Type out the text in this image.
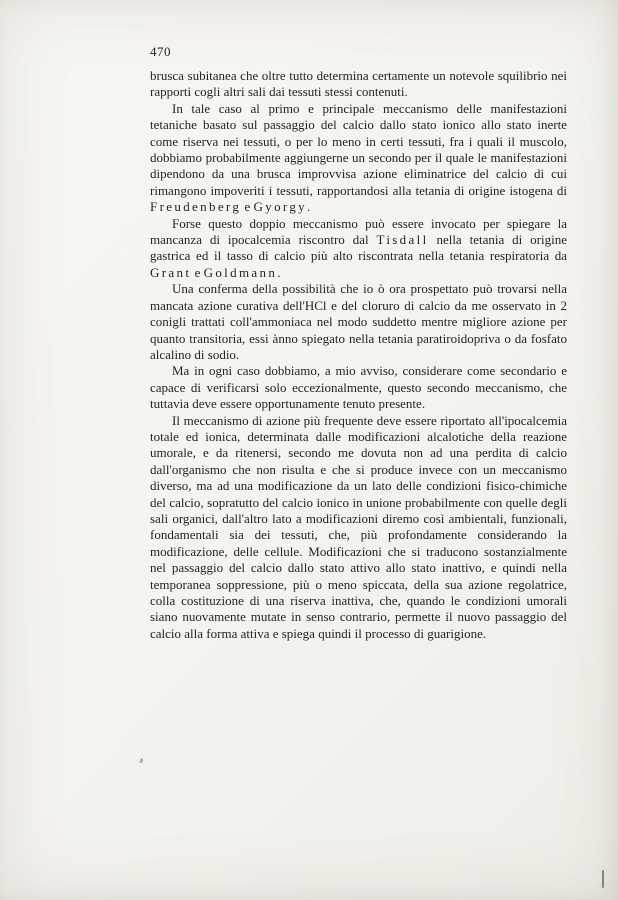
470

brusca subitanea che oltre tutto determina certamente un notevole squilibrio nei rapporti cogli altri sali dai tessuti stessi contenuti.

In tale caso al primo e principale meccanismo delle manifestazioni tetaniche basato sul passaggio del calcio dallo stato ionico allo stato inerte come riserva nei tessuti, o per lo meno in certi tessuti, fra i quali il muscolo, dobbiamo probabilmente aggiungerne un secondo per il quale le manifestazioni dipendono da una brusca improvvisa azione eliminatrice del calcio di cui rimangono impoveriti i tessuti, rapportandosi alla tetania di origine istogena di Freudenberg e Gyorgy.

Forse questo doppio meccanismo può essere invocato per spiegare la mancanza di ipocalcemia riscontro dal Tisdall nella tetania di origine gastrica ed il tasso di calcio più alto riscontrata nella tetania respiratoria da Grant e Goldmann.

Una conferma della possibilità che io ò ora prospettato può trovarsi nella mancata azione curativa dell'HCl e del cloruro di calcio da me osservato in 2 conigli trattati coll'ammoniaca nel modo suddetto mentre migliore azione per quanto transitoria, essi ànno spiegato nella tetania paratiroidopriva o da fosfato alcalino di sodio.

Ma in ogni caso dobbiamo, a mio avviso, considerare come secondario e capace di verificarsi solo eccezionalmente, questo secondo meccanismo, che tuttavia deve essere opportunamente tenuto presente.

Il meccanismo di azione più frequente deve essere riportato all'ipocalcemia totale ed ionica, determinata dalle modificazioni alcalotiche della reazione umorale, e da ritenersi, secondo me dovuta non ad una perdita di calcio dall'organismo che non risulta e che si produce invece con un meccanismo diverso, ma ad una modificazione da un lato delle condizioni fisico-chimiche del calcio, sopratutto del calcio ionico in unione probabilmente con quelle degli sali organici, dall'altro lato a modificazioni diremo così ambientali, funzionali, fondamentali sia dei tessuti, che, più profondamente considerando la modificazione, delle cellule. Modificazioni che si traducono sostanzialmente nel passaggio del calcio dallo stato attivo allo stato inattivo, e quindi nella temporanea soppressione, più o meno spiccata, della sua azione regolatrice, colla costituzione di una riserva inattiva, che, quando le condizioni umorali siano nuovamente mutate in senso contrario, permette il nuovo passaggio del calcio alla forma attiva e spiega quindi il processo di guarigione.
